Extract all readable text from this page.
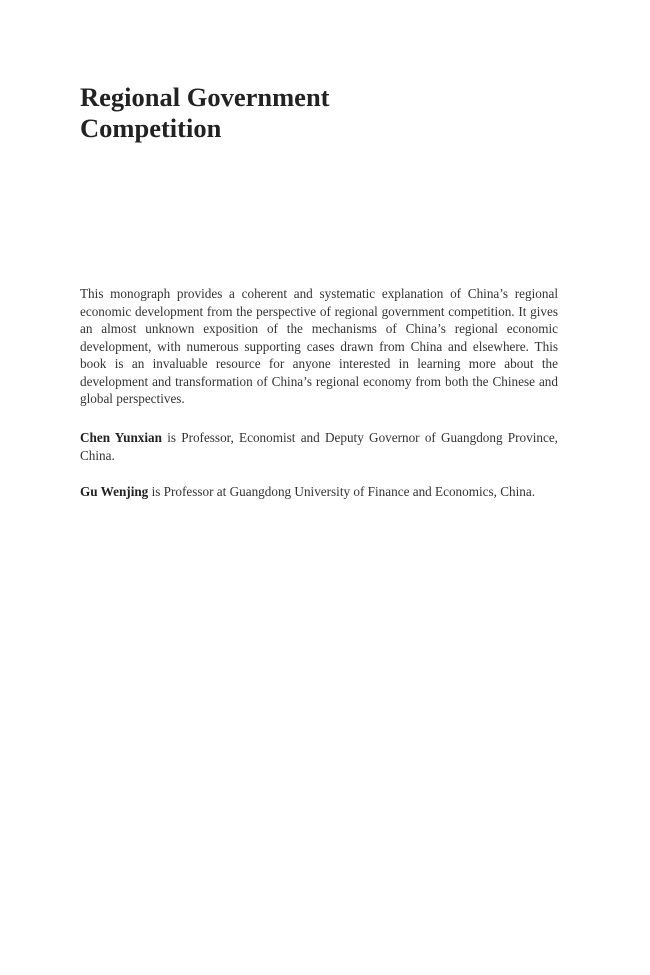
Regional Government
Competition

This monograph provides a coherent and systematic explanation of China’s regional economic development from the perspective of regional government competition. It gives an almost unknown exposition of the mechanisms of China’s regional economic development, with numerous supporting cases drawn from China and elsewhere. This book is an invaluable resource for anyone interested in learning more about the development and transformation of China’s regional economy from both the Chinese and global perspectives.

Chen Yunxian is Professor, Economist and Deputy Governor of Guangdong Province, China.

Gu Wenjing is Professor at Guangdong University of Finance and Economics, China.
